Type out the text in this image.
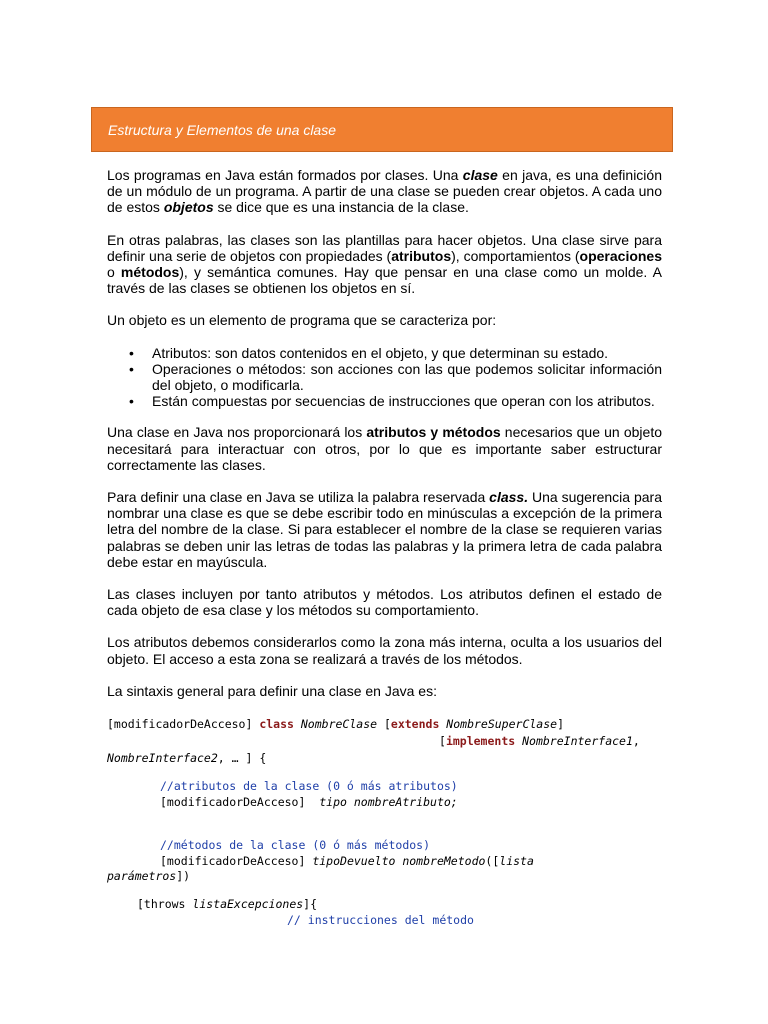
Estructura y Elementos de una clase

Los programas en Java están formados por clases. Una clase en java, es una definición de un módulo de un programa. A partir de una clase se pueden crear objetos. A cada uno de estos objetos se dice que es una instancia de la clase.

En otras palabras, las clases son las plantillas para hacer objetos. Una clase sirve para definir una serie de objetos con propiedades (atributos), comportamientos (operaciones o métodos), y semántica comunes. Hay que pensar en una clase como un molde. A través de las clases se obtienen los objetos en sí.

Un objeto es un elemento de programa que se caracteriza por:

• Atributos: son datos contenidos en el objeto, y que determinan su estado.
• Operaciones o métodos: son acciones con las que podemos solicitar información del objeto, o modificarla.
• Están compuestas por secuencias de instrucciones que operan con los atributos.

Una clase en Java nos proporcionará los atributos y métodos necesarios que un objeto necesitará para interactuar con otros, por lo que es importante saber estructurar correctamente las clases.

Para definir una clase en Java se utiliza la palabra reservada class. Una sugerencia para nombrar una clase es que se debe escribir todo en minúsculas a excepción de la primera letra del nombre de la clase. Si para establecer el nombre de la clase se requieren varias palabras se deben unir las letras de todas las palabras y la primera letra de cada palabra debe estar en mayúscula.

Las clases incluyen por tanto atributos y métodos. Los atributos definen el estado de cada objeto de esa clase y los métodos su comportamiento.

Los atributos debemos considerarlos como la zona más interna, oculta a los usuarios del objeto. El acceso a esta zona se realizará a través de los métodos.

La sintaxis general para definir una clase en Java es:

[modificadorDeAcceso] class NombreClase [extends NombreSuperClase]

[implements NombreInterface1,

NombreInterface2, … ] {

//atributos de la clase (0 ó más atributos)

[modificadorDeAcceso]  tipo nombreAtributo;

//métodos de la clase (0 ó más métodos)

[modificadorDeAcceso] tipoDevuelto nombreMetodo([lista

parámetros])

[throws listaExcepciones]{

// instrucciones del método
